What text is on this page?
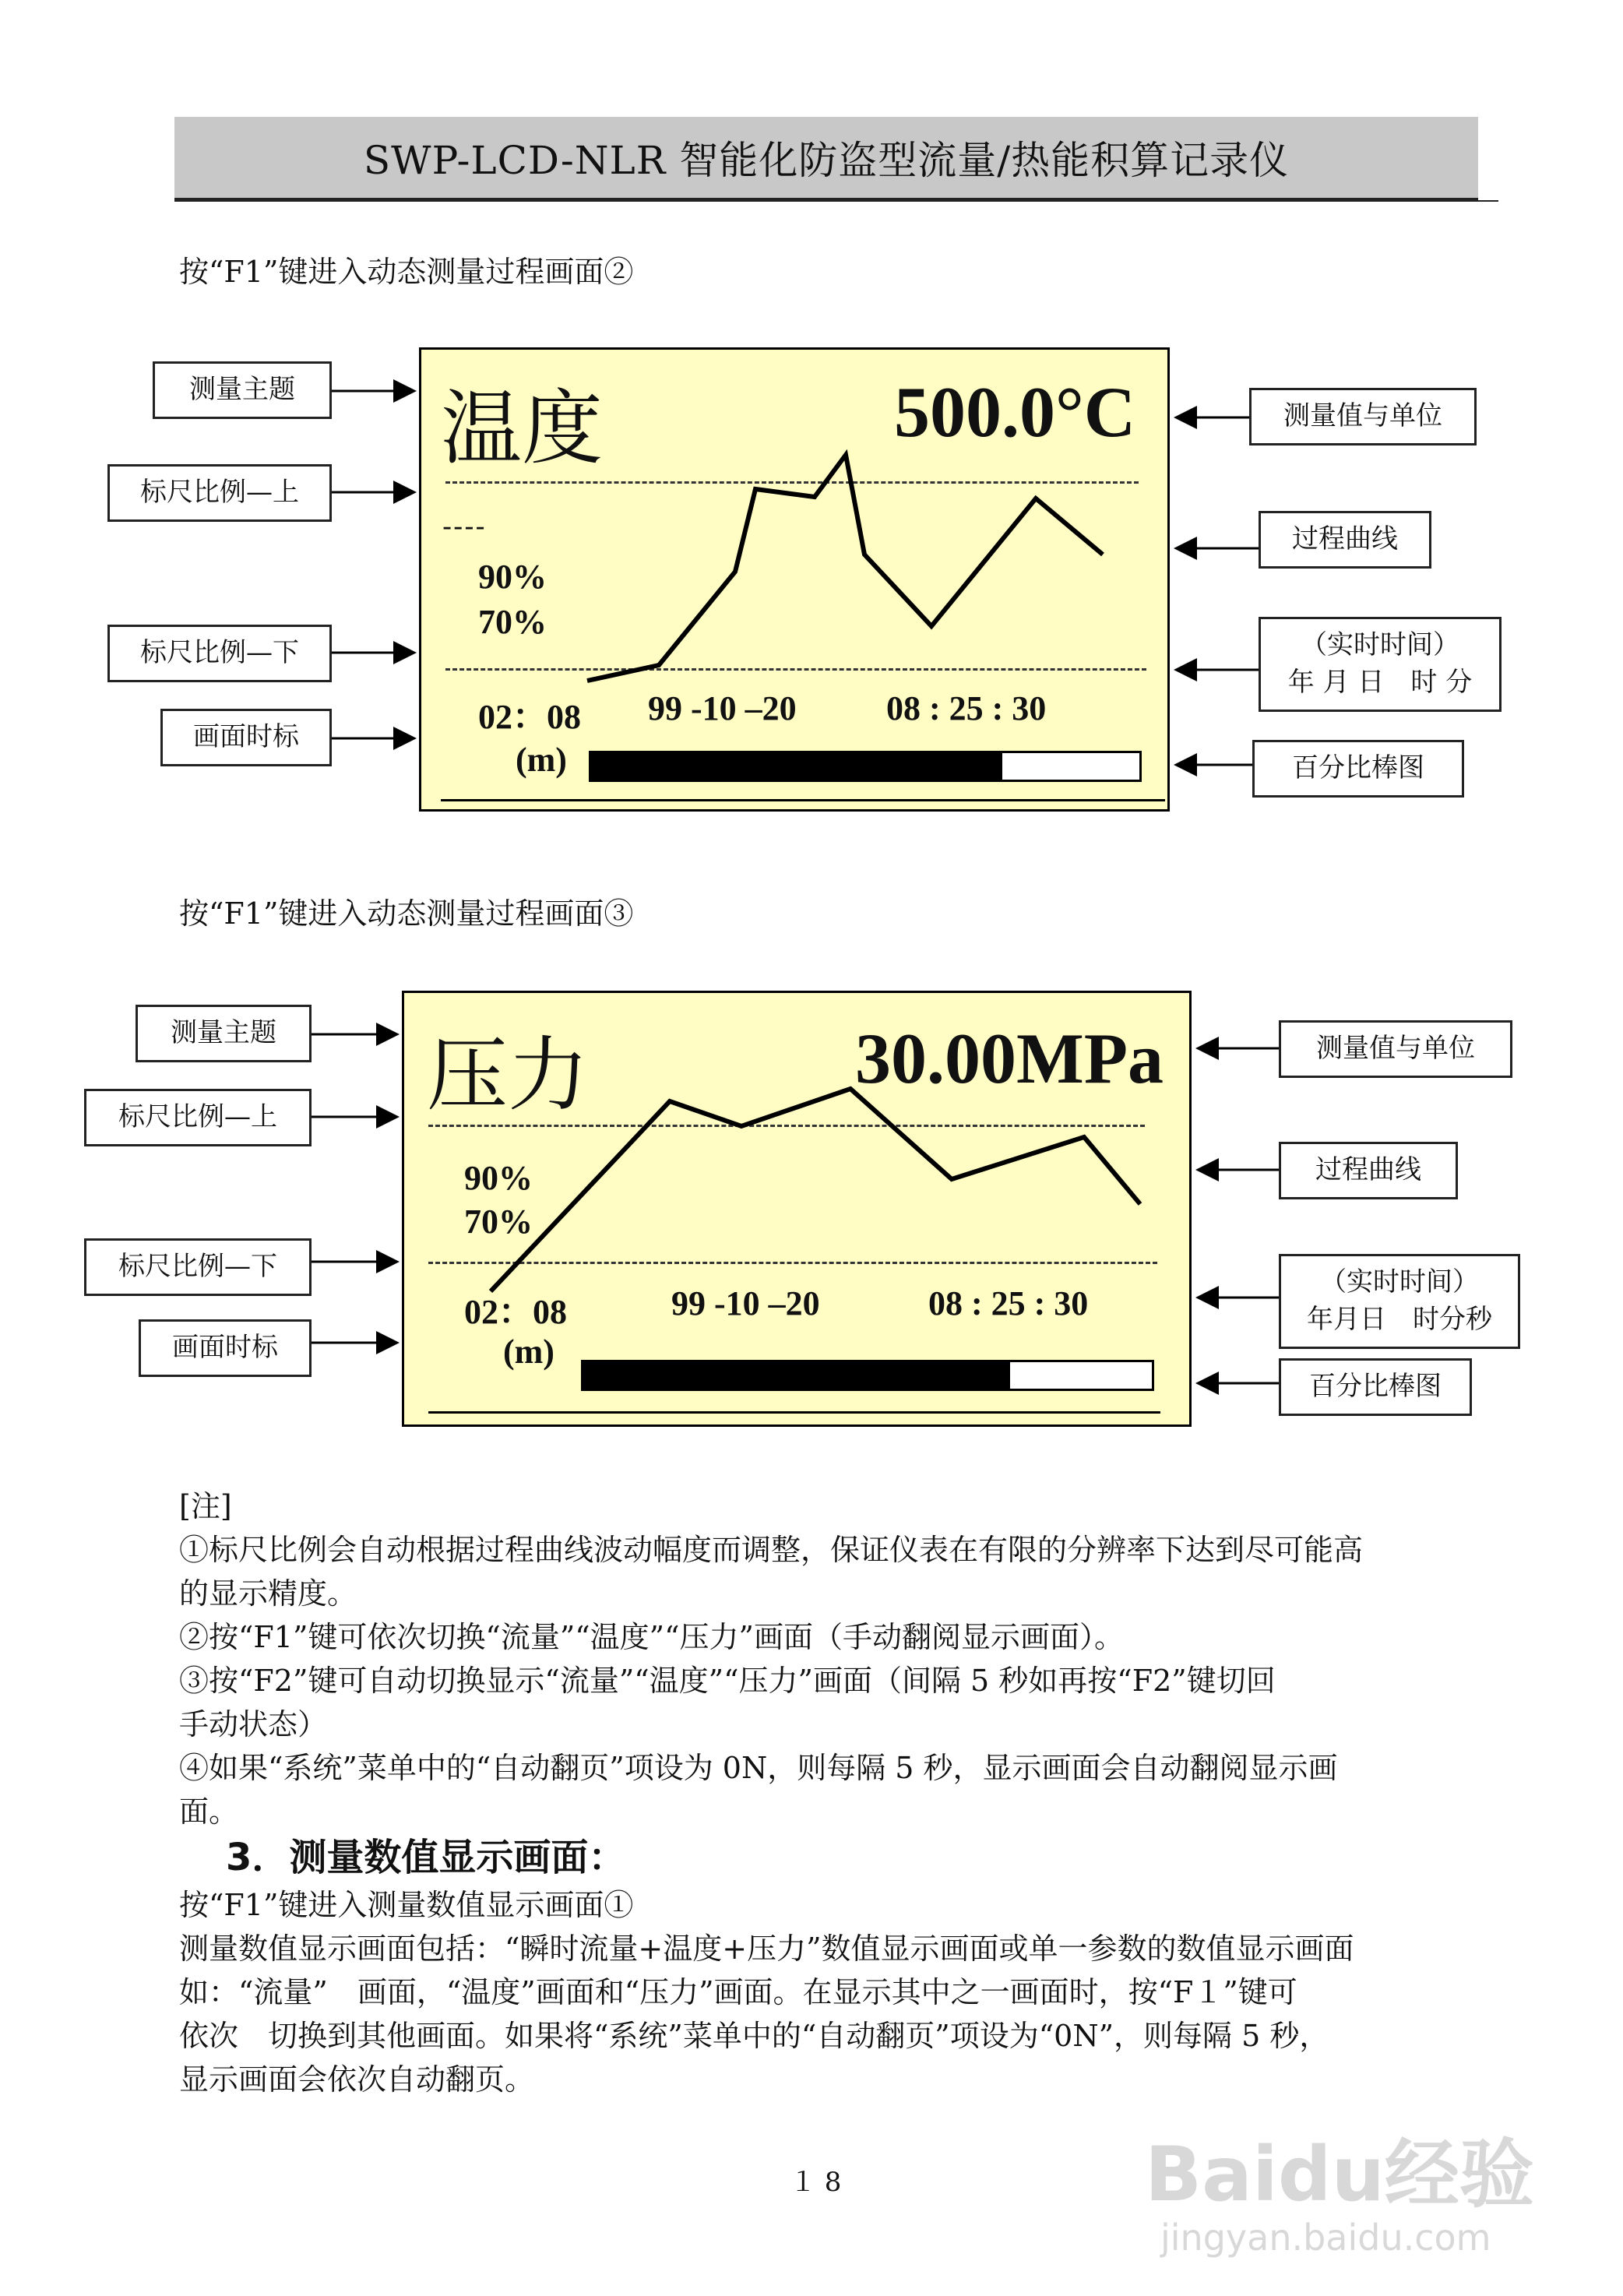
SWP-LCD-NLR 智能化防盗型流量/热能积算记录仪
按“F1”键进入动态测量过程画面②
温度	500.0°C
----
90%
70%
02：08 99 -10 –20	08 : 25 : 30
(m)
测量主题
标尺比例—上
标尺比例—下
画面时标
测量值与单位
过程曲线
（实时时间）
年 月 日　时 分
百分比棒图
按“F1”键进入动态测量过程画面③
压力	30.00MPa
90%
70%
02：08	99 -10 –20	08 : 25 : 30
(m)
测量主题
标尺比例—上
标尺比例—下
画面时标
测量值与单位
过程曲线
（实时时间）
年月日　时分秒
百分比棒图
[注]
①标尺比例会自动根据过程曲线波动幅度而调整，保证仪表在有限的分辨率下达到尽可能高
的显示精度。
②按“F1”键可依次切换“流量”“温度”“压力”画面（手动翻阅显示画面）。
③按“F2”键可自动切换显示“流量”“温度”“压力”画面（间隔 5 秒如再按“F2”键切回
手动状态）
④如果“系统”菜单中的“自动翻页”项设为 0N，则每隔 5 秒，显示画面会自动翻阅显示画
面。
3．测量数值显示画面：
按“F1”键进入测量数值显示画面①
测量数值显示画面包括：“瞬时流量+温度+压力”数值显示画面或单一参数的数值显示画面
如：“流量”　画面，“温度”画面和“压力”画面。在显示其中之一画面时，按“F１”键可
依次　切换到其他画面。如果将“系统”菜单中的“自动翻页”项设为“0N”，则每隔 5 秒，
显示画面会依次自动翻页。
１ 8	Baidu经验
jingyan.baidu.com
